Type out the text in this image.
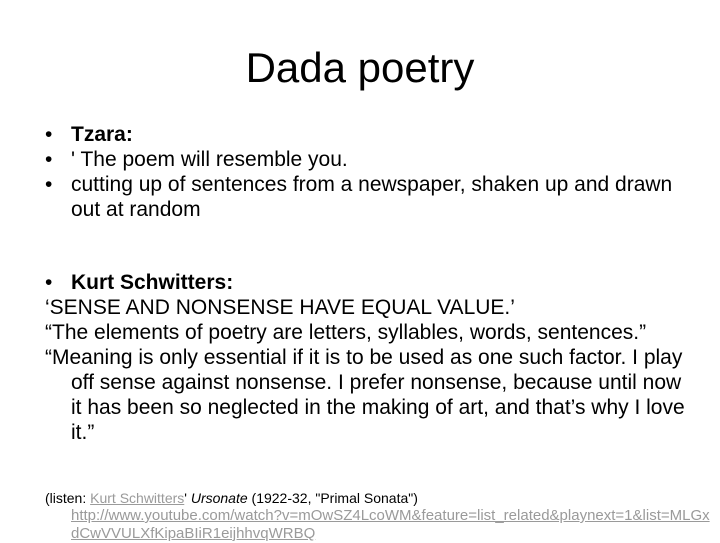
Dada poetry
• Tzara:
• ' The poem will resemble you.
• cutting up of sentences from a newspaper, shaken up and drawn out at random
• Kurt Schwitters:
‘SENSE AND NONSENSE HAVE EQUAL VALUE.’
“The elements of poetry are letters, syllables, words, sentences.”
“Meaning is only essential if it is to be used as one such factor. I play off sense against nonsense. I prefer nonsense, because until now it has been so neglected in the making of art, and that’s why I love it.”
(listen: Kurt Schwitters' Ursonate (1922-32, "Primal Sonata")
http://www.youtube.com/watch?v=mOwSZ4LcoWM&feature=list_related&playnext=1&list=MLGxdCwVVULXfKipaBIiR1eijhhvqWRBQ
